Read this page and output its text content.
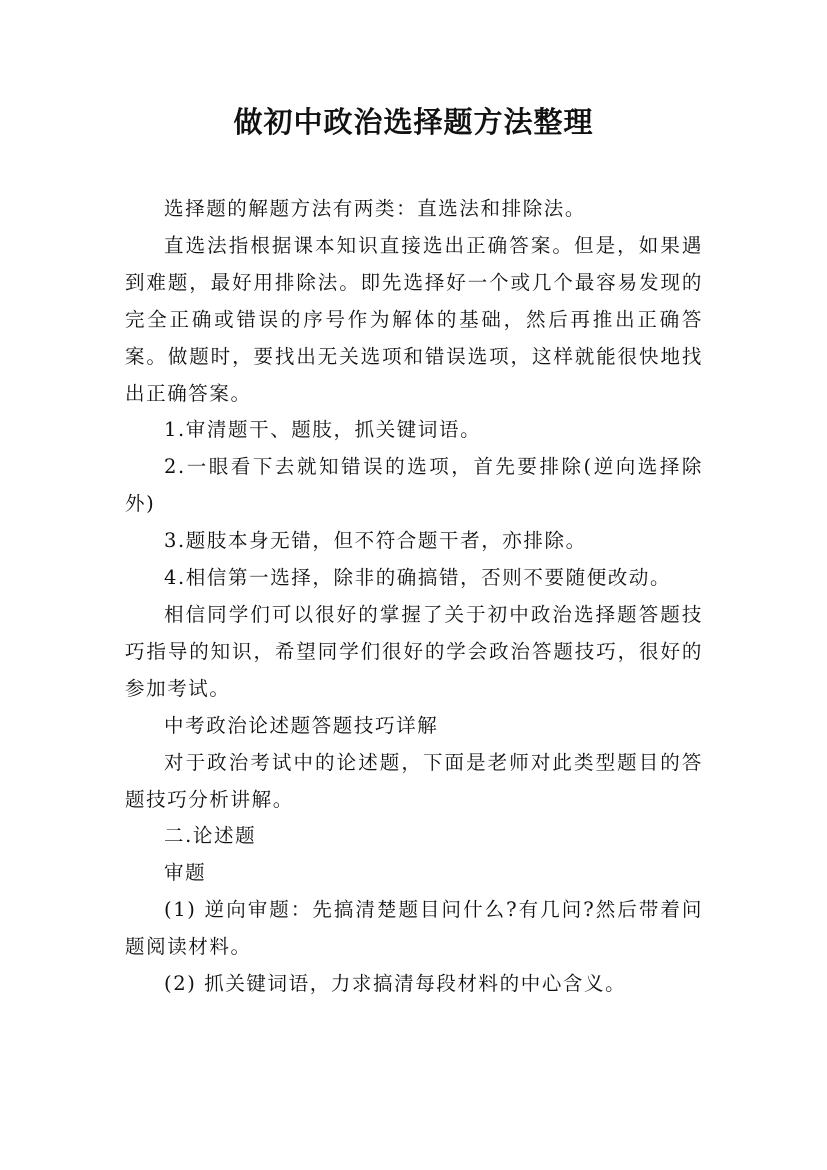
做初中政治选择题方法整理

选择题的解题方法有两类：直选法和排除法。

直选法指根据课本知识直接选出正确答案。但是，如果遇到难题，最好用排除法。即先选择好一个或几个最容易发现的完全正确或错误的序号作为解体的基础，然后再推出正确答案。做题时，要找出无关选项和错误选项，这样就能很快地找出正确答案。

1.审清题干、题肢，抓关键词语。

2.一眼看下去就知错误的选项，首先要排除(逆向选择除外)

3.题肢本身无错，但不符合题干者，亦排除。

4.相信第一选择，除非的确搞错，否则不要随便改动。

相信同学们可以很好的掌握了关于初中政治选择题答题技巧指导的知识，希望同学们很好的学会政治答题技巧，很好的参加考试。

中考政治论述题答题技巧详解

对于政治考试中的论述题，下面是老师对此类型题目的答题技巧分析讲解。

二.论述题

审题

(1) 逆向审题：先搞清楚题目问什么?有几问?然后带着问题阅读材料。

(2) 抓关键词语，力求搞清每段材料的中心含义。
